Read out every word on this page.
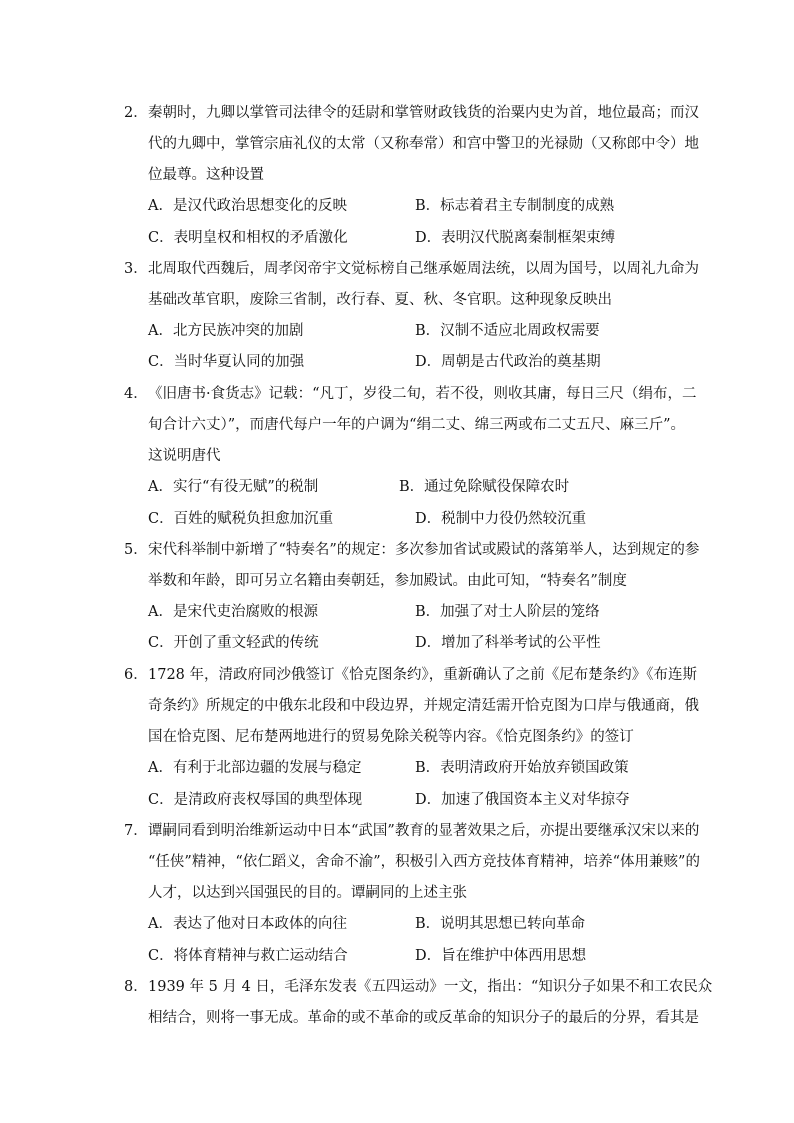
2． 秦朝时，九卿以掌管司法律令的廷尉和掌管财政钱货的治粟内史为首，地位最高；而汉
代的九卿中，掌管宗庙礼仪的太常（又称奉常）和宫中警卫的光禄勋（又称郎中令）地
位最尊。这种设置
A．是汉代政治思想变化的反映	B．标志着君主专制制度的成熟
C．表明皇权和相权的矛盾激化	D．表明汉代脱离秦制框架束缚
3． 北周取代西魏后，周孝闵帝宇文觉标榜自己继承姬周法统，以周为国号，以周礼九命为
基础改革官职，废除三省制，改行春、夏、秋、冬官职。这种现象反映出
A．北方民族冲突的加剧	B．汉制不适应北周政权需要
C．当时华夏认同的加强	D．周朝是古代政治的奠基期
4． 《旧唐书·食货志》记载：“凡丁，岁役二旬，若不役，则收其庸，每日三尺（绢布，二
旬合计六丈）”，而唐代每户一年的户调为“绢二丈、绵三两或布二丈五尺、麻三斤”。
这说明唐代
A．实行“有役无赋”的税制	B．通过免除赋役保障农时
C．百姓的赋税负担愈加沉重	D．税制中力役仍然较沉重
5． 宋代科举制中新增了“特奏名”的规定：多次参加省试或殿试的落第举人，达到规定的参
举数和年龄，即可另立名籍由奏朝廷，参加殿试。由此可知，“特奏名”制度
A．是宋代吏治腐败的根源	B．加强了对士人阶层的笼络
C．开创了重文轻武的传统	D．增加了科举考试的公平性
6． 1728 年，清政府同沙俄签订《恰克图条约》，重新确认了之前《尼布楚条约》《布连斯
奇条约》所规定的中俄东北段和中段边界，并规定清廷需开恰克图为口岸与俄通商，俄
国在恰克图、尼布楚两地进行的贸易免除关税等内容。《恰克图条约》的签订
A．有利于北部边疆的发展与稳定	B．表明清政府开始放弃锁国政策
C．是清政府丧权辱国的典型体现	D．加速了俄国资本主义对华掠夺
7． 谭嗣同看到明治维新运动中日本“武国”教育的显著效果之后，亦提出要继承汉宋以来的
“任侠”精神，“依仁蹈义，舍命不渝”，积极引入西方竞技体育精神，培养“体用兼赅”的
人才，以达到兴国强民的目的。谭嗣同的上述主张
A．表达了他对日本政体的向往	B．说明其思想已转向革命
C．将体育精神与救亡运动结合	D．旨在维护中体西用思想
8． 1939 年 5 月 4 日，毛泽东发表《五四运动》一文，指出：“知识分子如果不和工农民众
相结合，则将一事无成。革命的或不革命的或反革命的知识分子的最后的分界，看其是
